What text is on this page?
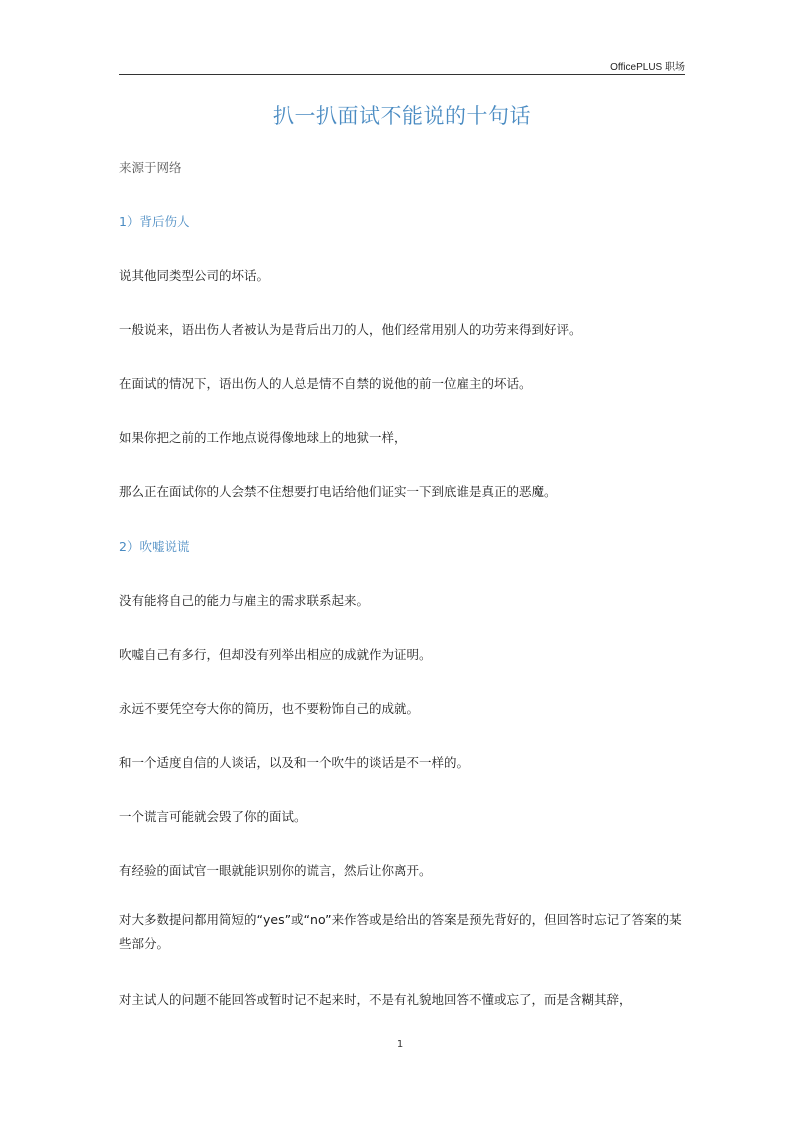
OfficePLUS 职场
扒一扒面试不能说的十句话
来源于网络
1）背后伤人
说其他同类型公司的坏话。
一般说来，语出伤人者被认为是背后出刀的人，他们经常用别人的功劳来得到好评。
在面试的情况下，语出伤人的人总是情不自禁的说他的前一位雇主的坏话。
如果你把之前的工作地点说得像地球上的地狱一样，
那么正在面试你的人会禁不住想要打电话给他们证实一下到底谁是真正的恶魔。
2）吹嘘说谎
没有能将自己的能力与雇主的需求联系起来。
吹嘘自己有多行，但却没有列举出相应的成就作为证明。
永远不要凭空夸大你的简历，也不要粉饰自己的成就。
和一个适度自信的人谈话，以及和一个吹牛的谈话是不一样的。
一个谎言可能就会毁了你的面试。
有经验的面试官一眼就能识别你的谎言，然后让你离开。
对大多数提问都用简短的“yes”或“no”来作答或是给出的答案是预先背好的，但回答时忘记了答案的某些部分。
对主试人的问题不能回答或暂时记不起来时，不是有礼貌地回答不懂或忘了，而是含糊其辞，
1
